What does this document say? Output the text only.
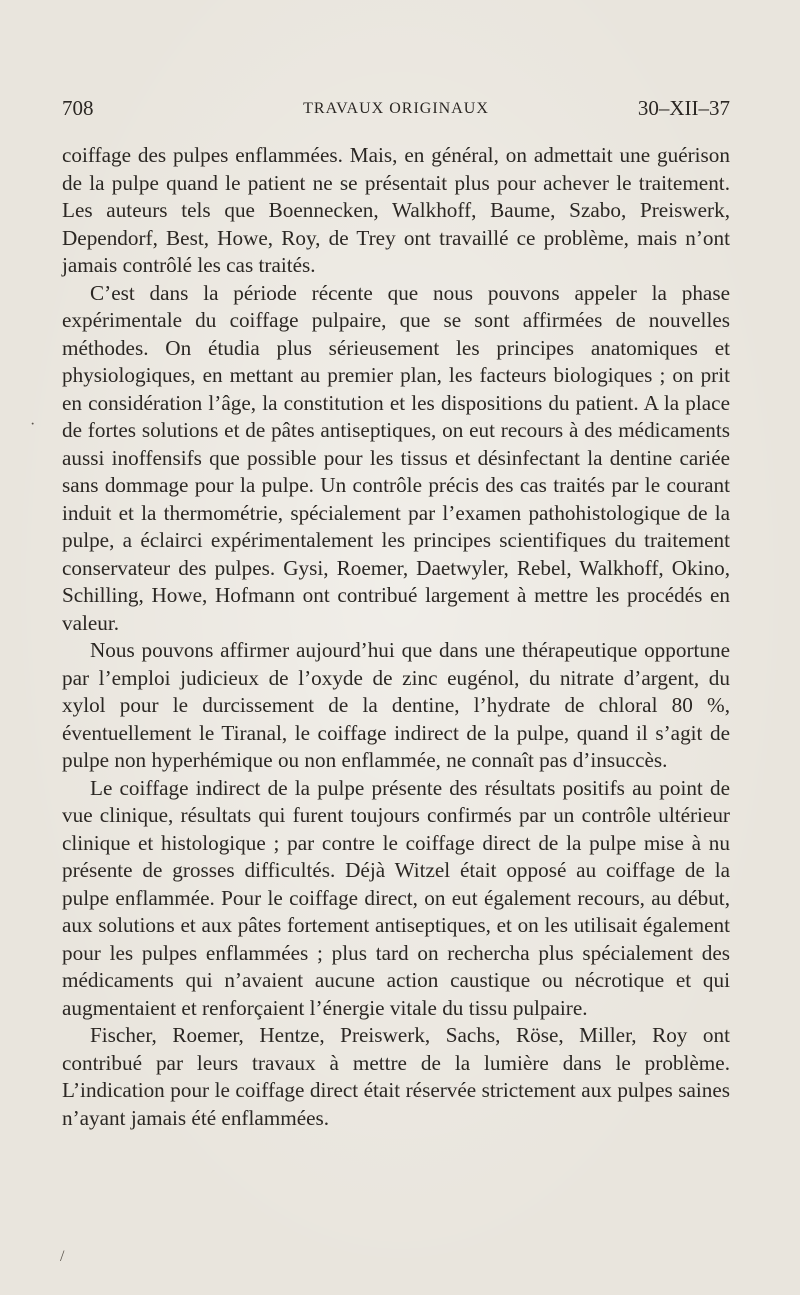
708	TRAVAUX ORIGINAUX	30–XII–37

coiffage des pulpes enflammées. Mais, en général, on admettait une guérison de la pulpe quand le patient ne se présentait plus pour achever le traitement. Les auteurs tels que Boennecken, Walkhoff, Baume, Szabo, Preiswerk, Dependorf, Best, Howe, Roy, de Trey ont travaillé ce problème, mais n’ont jamais contrôlé les cas traités.

C’est dans la période récente que nous pouvons appeler la phase expérimentale du coiffage pulpaire, que se sont affirmées de nouvelles méthodes. On étudia plus sérieusement les principes anatomiques et physiologiques, en mettant au premier plan, les facteurs biologiques ; on prit en considération l’âge, la constitution et les dispositions du patient. A la place de fortes solutions et de pâtes antiseptiques, on eut recours à des médicaments aussi inoffensifs que possible pour les tissus et désinfectant la dentine cariée sans dommage pour la pulpe. Un contrôle précis des cas traités par le courant induit et la thermométrie, spécialement par l’examen pathohistologique de la pulpe, a éclairci expérimentalement les principes scientifiques du traitement conservateur des pulpes. Gysi, Roemer, Daetwyler, Rebel, Walkhoff, Okino, Schilling, Howe, Hofmann ont contribué largement à mettre les procédés en valeur.

Nous pouvons affirmer aujourd’hui que dans une thérapeutique opportune par l’emploi judicieux de l’oxyde de zinc eugénol, du nitrate d’argent, du xylol pour le durcissement de la dentine, l’hydrate de chloral 80 %, éventuellement le Tiranal, le coiffage indirect de la pulpe, quand il s’agit de pulpe non hyperhémique ou non enflammée, ne connaît pas d’insuccès.

Le coiffage indirect de la pulpe présente des résultats positifs au point de vue clinique, résultats qui furent toujours confirmés par un contrôle ultérieur clinique et histologique ; par contre le coiffage direct de la pulpe mise à nu présente de grosses difficultés. Déjà Witzel était opposé au coiffage de la pulpe enflammée. Pour le coiffage direct, on eut également recours, au début, aux solutions et aux pâtes fortement antiseptiques, et on les utilisait également pour les pulpes enflammées ; plus tard on rechercha plus spécialement des médicaments qui n’avaient aucune action caustique ou nécrotique et qui augmentaient et renforçaient l’énergie vitale du tissu pulpaire.

Fischer, Roemer, Hentze, Preiswerk, Sachs, Röse, Miller, Roy ont contribué par leurs travaux à mettre de la lumière dans le problème. L’indication pour le coiffage direct était réservée strictement aux pulpes saines n’ayant jamais été enflammées.

·
/
